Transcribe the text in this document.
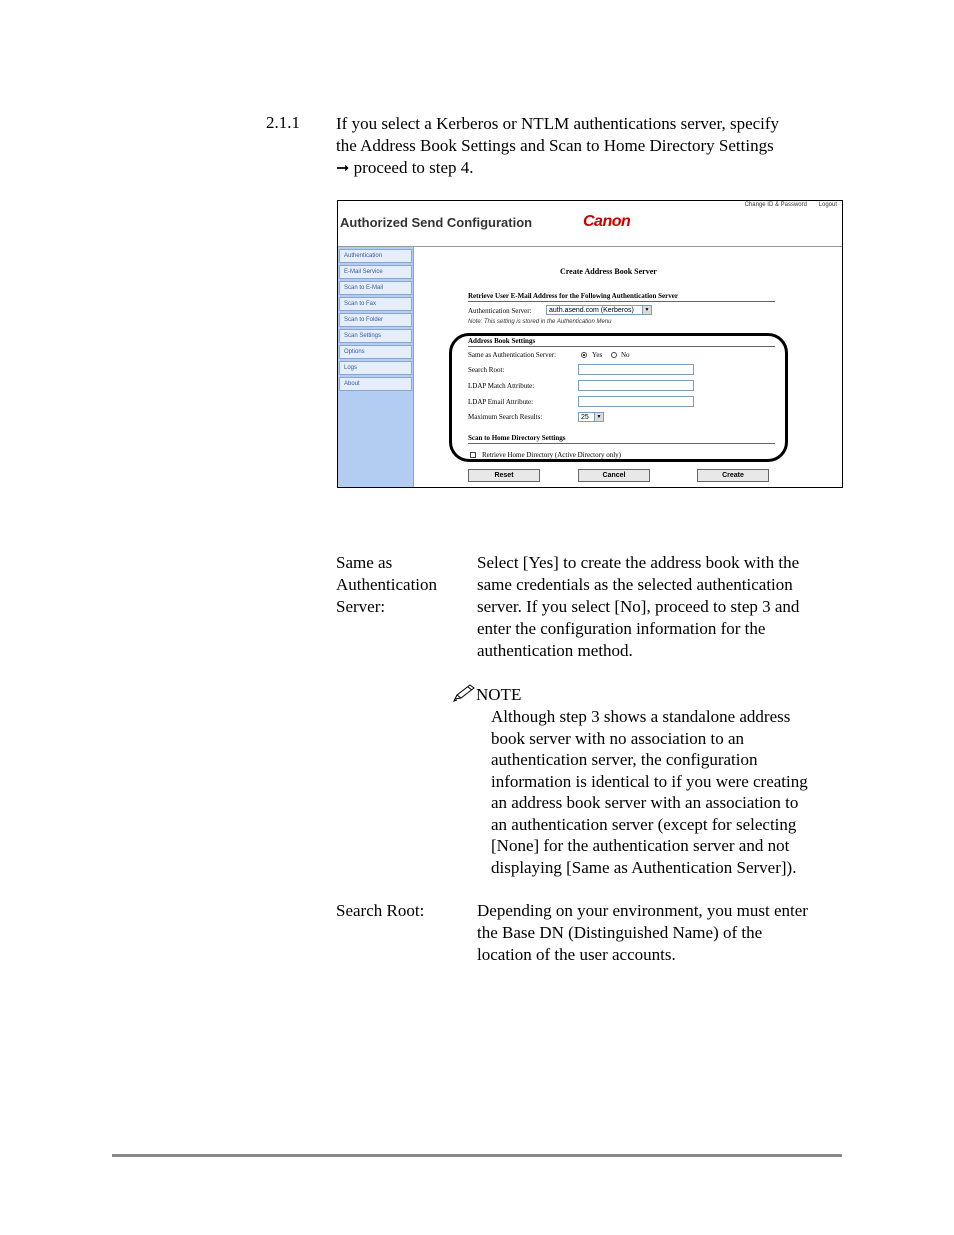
2.1.1 If you select a Kerberos or NTLM authentications server, specify
the Address Book Settings and Scan to Home Directory Settings
➞ proceed to step 4.
Authorized Send Configuration	Canon
Change ID & Password Logout
Authentication
E-Mail Service
Scan to E-Mail
Scan to Fax
Scan to Folder
Scan Settings
Options
Logs
About
Create Address Book Server
Retrieve User E-Mail Address for the Following Authentication Server
Authentication Server:	auth.asend.com (Kerberos)	▼
Note: This setting is stored in the Authentication Menu
Address Book Settings
Same as Authentication Server:	Yes	No
Search Root:
LDAP Match Attribute:
LDAP Email Attribute:
Maximum Search Results:	25	▼
Scan to Home Directory Settings
Retrieve Home Directory (Active Directory only)
Reset	Cancel	Create
Same as
Authentication
Server:
Select [Yes] to create the address book with the
same credentials as the selected authentication
server. If you select [No], proceed to step 3 and
enter the configuration information for the
authentication method.
NOTE
Although step 3 shows a standalone address
book server with no association to an
authentication server, the configuration
information is identical to if you were creating
an address book server with an association to
an authentication server (except for selecting
[None] for the authentication server and not
displaying [Same as Authentication Server]).
Search Root:	Depending on your environment, you must enter
the Base DN (Distinguished Name) of the
location of the user accounts.
